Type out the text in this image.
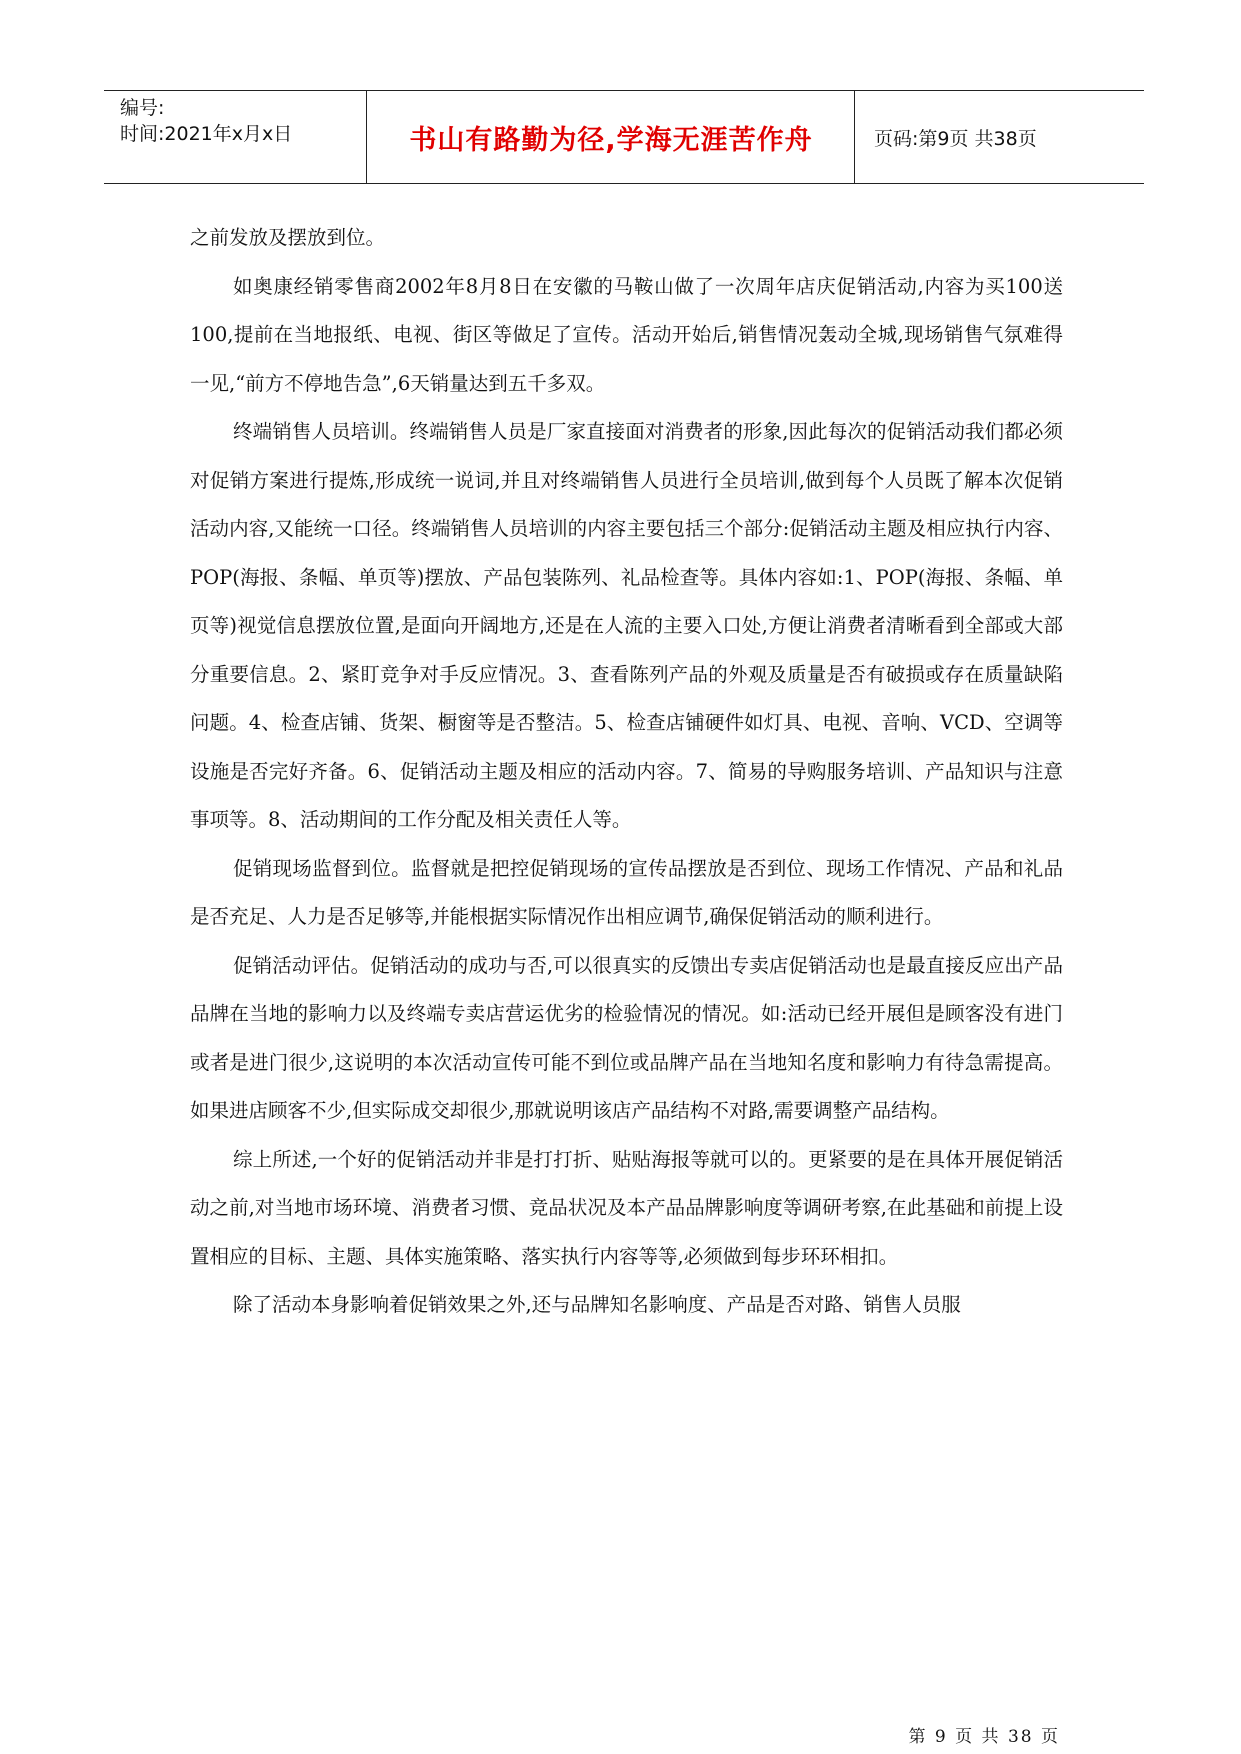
编号:
时间:2021年x月x日	书山有路勤为径,学海无涯苦作舟	页码:第9页 共38页

之前发放及摆放到位。

如奥康经销零售商2002年8月8日在安徽的马鞍山做了一次周年店庆促销活动,内容为买100送100,提前在当地报纸、电视、街区等做足了宣传。活动开始后,销售情况轰动全城,现场销售气氛难得一见,“前方不停地告急”,6天销量达到五千多双。

终端销售人员培训。终端销售人员是厂家直接面对消费者的形象,因此每次的促销活动我们都必须对促销方案进行提炼,形成统一说词,并且对终端销售人员进行全员培训,做到每个人员既了解本次促销活动内容,又能统一口径。终端销售人员培训的内容主要包括三个部分:促销活动主题及相应执行内容、POP(海报、条幅、单页等)摆放、产品包装陈列、礼品检查等。具体内容如:1、POP(海报、条幅、单页等)视觉信息摆放位置,是面向开阔地方,还是在人流的主要入口处,方便让消费者清晰看到全部或大部分重要信息。2、紧盯竞争对手反应情况。3、查看陈列产品的外观及质量是否有破损或存在质量缺陷问题。4、检查店铺、货架、橱窗等是否整洁。5、检查店铺硬件如灯具、电视、音响、VCD、空调等设施是否完好齐备。6、促销活动主题及相应的活动内容。7、简易的导购服务培训、产品知识与注意事项等。8、活动期间的工作分配及相关责任人等。

促销现场监督到位。监督就是把控促销现场的宣传品摆放是否到位、现场工作情况、产品和礼品是否充足、人力是否足够等,并能根据实际情况作出相应调节,确保促销活动的顺利进行。

促销活动评估。促销活动的成功与否,可以很真实的反馈出专卖店促销活动也是最直接反应出产品品牌在当地的影响力以及终端专卖店营运优劣的检验情况的情况。如:活动已经开展但是顾客没有进门或者是进门很少,这说明的本次活动宣传可能不到位或品牌产品在当地知名度和影响力有待急需提高。如果进店顾客不少,但实际成交却很少,那就说明该店产品结构不对路,需要调整产品结构。

综上所述,一个好的促销活动并非是打打折、贴贴海报等就可以的。更紧要的是在具体开展促销活动之前,对当地市场环境、消费者习惯、竞品状况及本产品品牌影响度等调研考察,在此基础和前提上设置相应的目标、主题、具体实施策略、落实执行内容等等,必须做到每步环环相扣。

除了活动本身影响着促销效果之外,还与品牌知名影响度、产品是否对路、销售人员服

第 9 页 共 38 页
